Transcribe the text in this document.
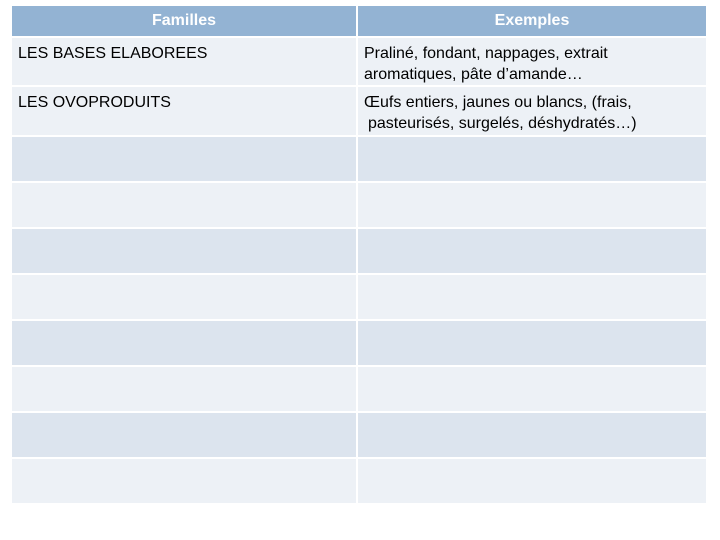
Familles	Exemples

LES BASES ELABOREES	Praliné, fondant, nappages, extrait
aromatiques, pâte d’amande…

LES OVOPRODUITS	Œufs entiers, jaunes ou blancs, (frais,
pasteurisés, surgelés, déshydratés…)
